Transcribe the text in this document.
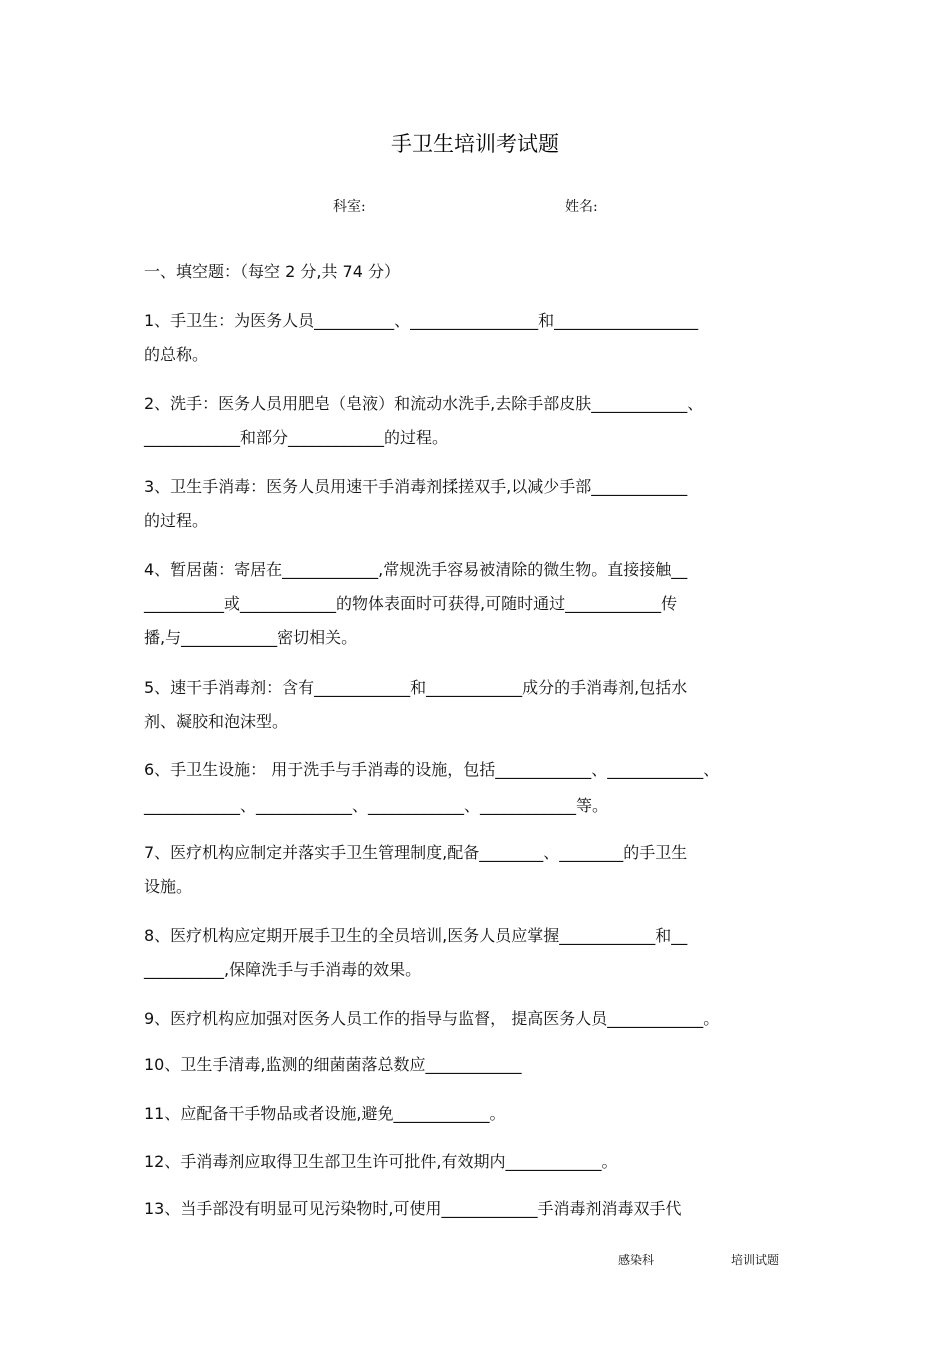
手卫生培训考试题
科室:	姓名:
一、填空题：（每空 2 分,共 74 分）
1、手卫生：为医务人员__________、________________和__________________
的总称。
2、洗手：医务人员用肥皂（皂液）和流动水洗手,去除手部皮肤____________、
____________和部分____________的过程。
3、卫生手消毒：医务人员用速干手消毒剂揉搓双手,以减少手部____________
的过程。
4、暂居菌：寄居在____________,常规洗手容易被清除的微生物。直接接触__
__________或____________的物体表面时可获得,可随时通过____________传
播,与____________密切相关。
5、速干手消毒剂：含有____________和____________成分的手消毒剂,包括水
剂、凝胶和泡沫型。
6、手卫生设施： 用于洗手与手消毒的设施，包括____________、____________、
____________、____________、____________、____________等。
7、医疗机构应制定并落实手卫生管理制度,配备________、________的手卫生
设施。
8、医疗机构应定期开展手卫生的全员培训,医务人员应掌握____________和__
__________,保障洗手与手消毒的效果。
9、医疗机构应加强对医务人员工作的指导与监督， 提高医务人员____________。
10、卫生手清毒,监测的细菌菌落总数应____________
11、应配备干手物品或者设施,避免____________。
12、手消毒剂应取得卫生部卫生许可批件,有效期内____________。
13、当手部没有明显可见污染物时,可使用____________手消毒剂消毒双手代
感染科	培训试题
